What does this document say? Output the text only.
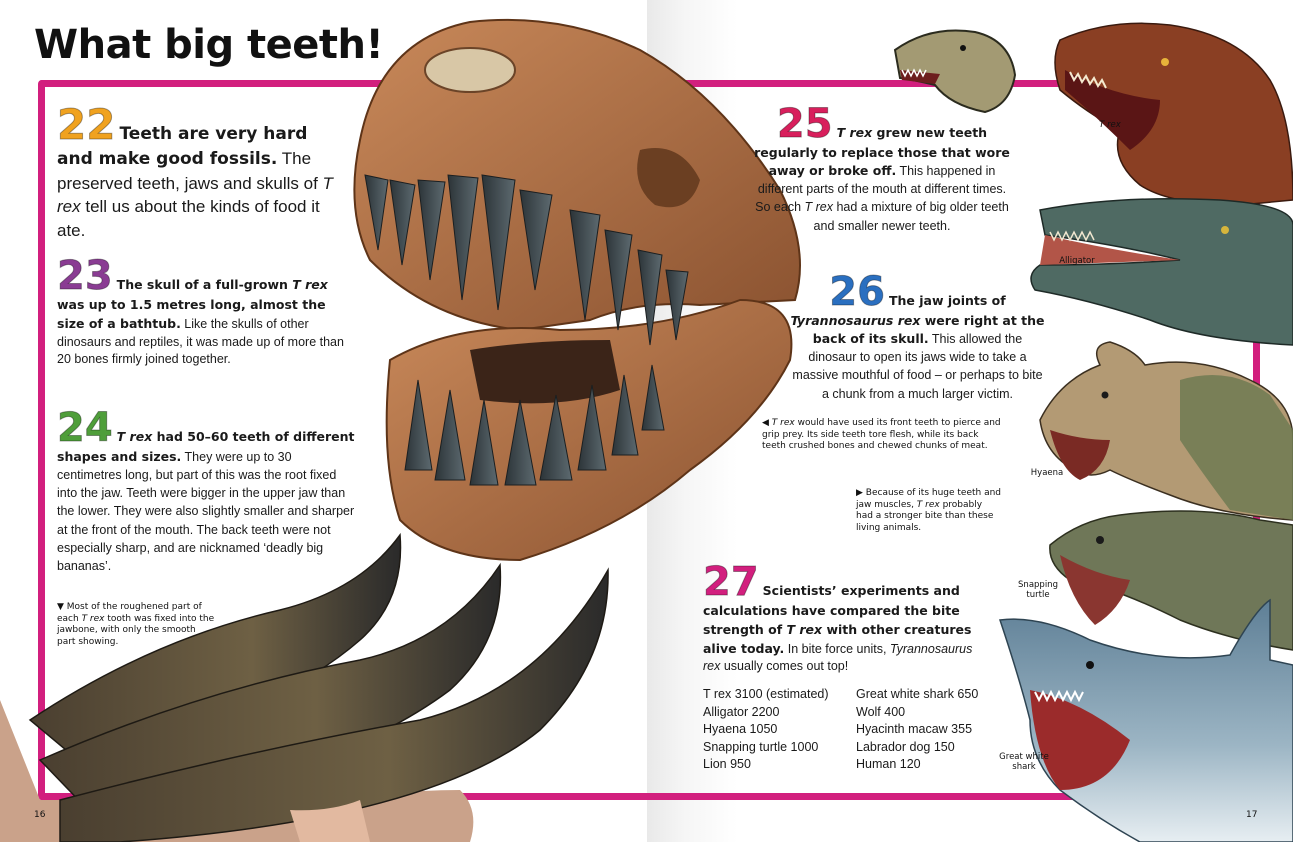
What big teeth!
22 Teeth are very hard and make good fossils. The preserved teeth, jaws and skulls of T rex tell us about the kinds of food it ate.
23 The skull of a full-grown T rex was up to 1.5 metres long, almost the size of a bathtub. Like the skulls of other dinosaurs and reptiles, it was made up of more than 20 bones firmly joined together.
24 T rex had 50–60 teeth of different shapes and sizes. They were up to 30 centimetres long, but part of this was the root fixed into the jaw. Teeth were bigger in the upper jaw than the lower. They were also slightly smaller and sharper at the front of the mouth. The back teeth were not especially sharp, and are nicknamed ‘deadly big bananas’.
▼ Most of the roughened part of each T rex tooth was fixed into the jawbone, with only the smooth part showing.
25 T rex grew new teeth regularly to replace those that wore away or broke off. This happened in different parts of the mouth at different times. So each T rex had a mixture of big older teeth and smaller newer teeth.
26 The jaw joints of Tyrannosaurus rex were right at the back of its skull. This allowed the dinosaur to open its jaws wide to take a massive mouthful of food – or perhaps to bite a chunk from a much larger victim.
◀ T rex would have used its front teeth to pierce and grip prey. Its side teeth tore flesh, while its back teeth crushed bones and chewed chunks of meat.
▶ Because of its huge teeth and jaw muscles, T rex probably had a stronger bite than these living animals.
27 Scientists’ experiments and calculations have compared the bite strength of T rex with other creatures alive today. In bite force units, Tyrannosaurus rex usually comes out top!
T rex 3100 (estimated)
Alligator 2200
Hyaena 1050
Snapping turtle 1000
Lion 950
Great white shark 650
Wolf 400
Hyacinth macaw 355
Labrador dog 150
Human 120
T rex
Alligator
Hyaena
Snapping
turtle
Great white
shark
16	17
